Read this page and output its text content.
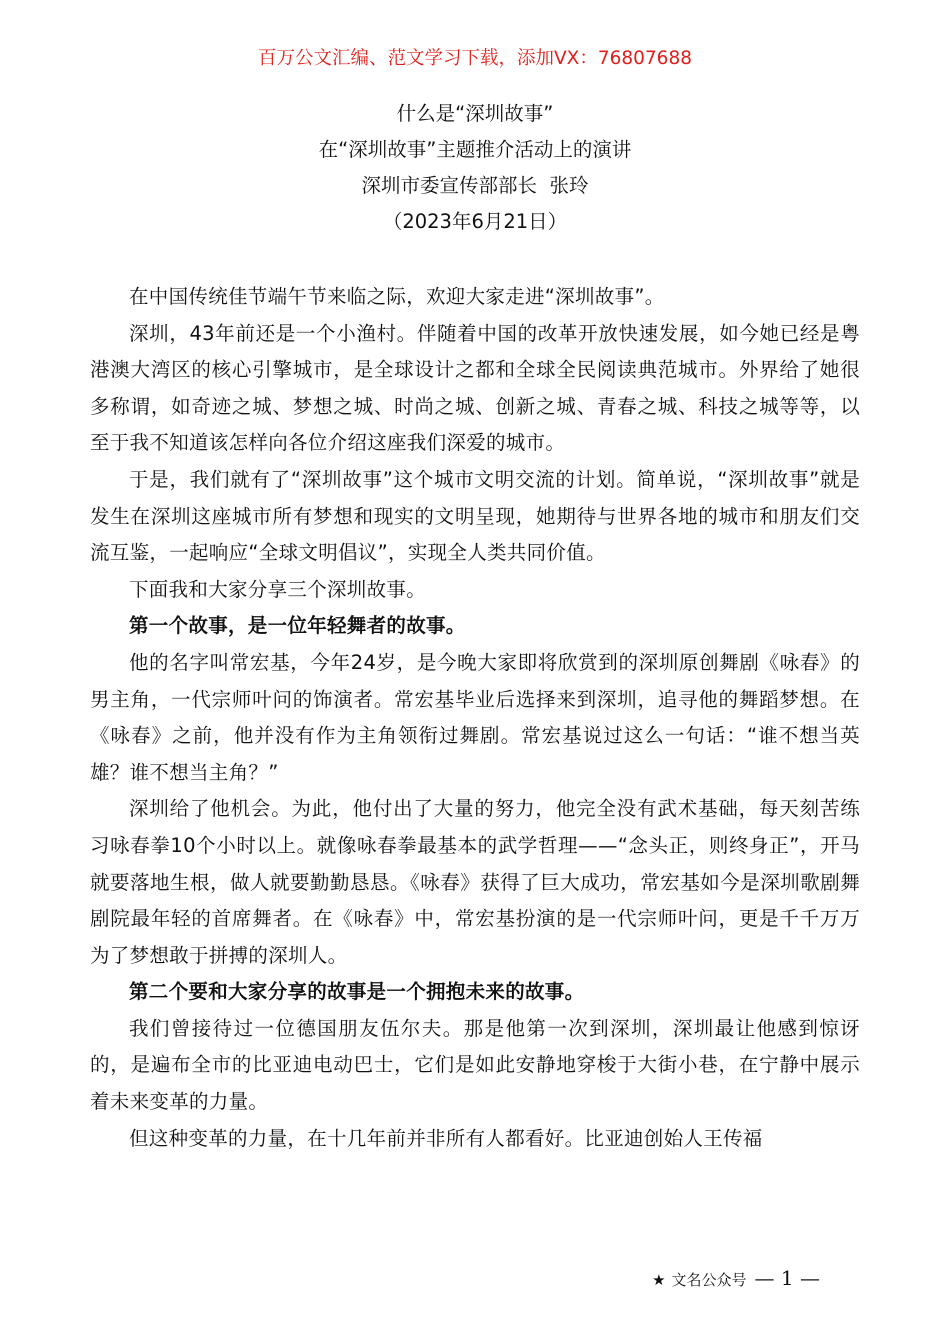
百万公文汇编、范文学习下载，添加VX：76807688
什么是“深圳故事”
在“深圳故事”主题推介活动上的演讲
深圳市委宣传部部长  张玲
（2023年6月21日）

在中国传统佳节端午节来临之际，欢迎大家走进“深圳故事”。

深圳，43年前还是一个小渔村。伴随着中国的改革开放快速发展，如今她已经是粤港澳大湾区的核心引擎城市，是全球设计之都和全球全民阅读典范城市。外界给了她很多称谓，如奇迹之城、梦想之城、时尚之城、创新之城、青春之城、科技之城等等，以至于我不知道该怎样向各位介绍这座我们深爱的城市。

于是，我们就有了“深圳故事”这个城市文明交流的计划。简单说，“深圳故事”就是发生在深圳这座城市所有梦想和现实的文明呈现，她期待与世界各地的城市和朋友们交流互鉴，一起响应“全球文明倡议”，实现全人类共同价值。

下面我和大家分享三个深圳故事。

第一个故事，是一位年轻舞者的故事。

他的名字叫常宏基，今年24岁，是今晚大家即将欣赏到的深圳原创舞剧《咏春》的男主角，一代宗师叶问的饰演者。常宏基毕业后选择来到深圳，追寻他的舞蹈梦想。在《咏春》之前，他并没有作为主角领衔过舞剧。常宏基说过这么一句话：“谁不想当英雄？谁不想当主角？”

深圳给了他机会。为此，他付出了大量的努力，他完全没有武术基础，每天刻苦练习咏春拳10个小时以上。就像咏春拳最基本的武学哲理——“念头正，则终身正”，开马就要落地生根，做人就要勤勤恳恳。《咏春》获得了巨大成功，常宏基如今是深圳歌剧舞剧院最年轻的首席舞者。在《咏春》中，常宏基扮演的是一代宗师叶问，更是千千万万为了梦想敢于拼搏的深圳人。

第二个要和大家分享的故事是一个拥抱未来的故事。

我们曾接待过一位德国朋友伍尔夫。那是他第一次到深圳，深圳最让他感到惊讶的，是遍布全市的比亚迪电动巴士，它们是如此安静地穿梭于大街小巷，在宁静中展示着未来变革的力量。

但这种变革的力量，在十几年前并非所有人都看好。比亚迪创始人王传福

★ 文名公众号 — 1 —
